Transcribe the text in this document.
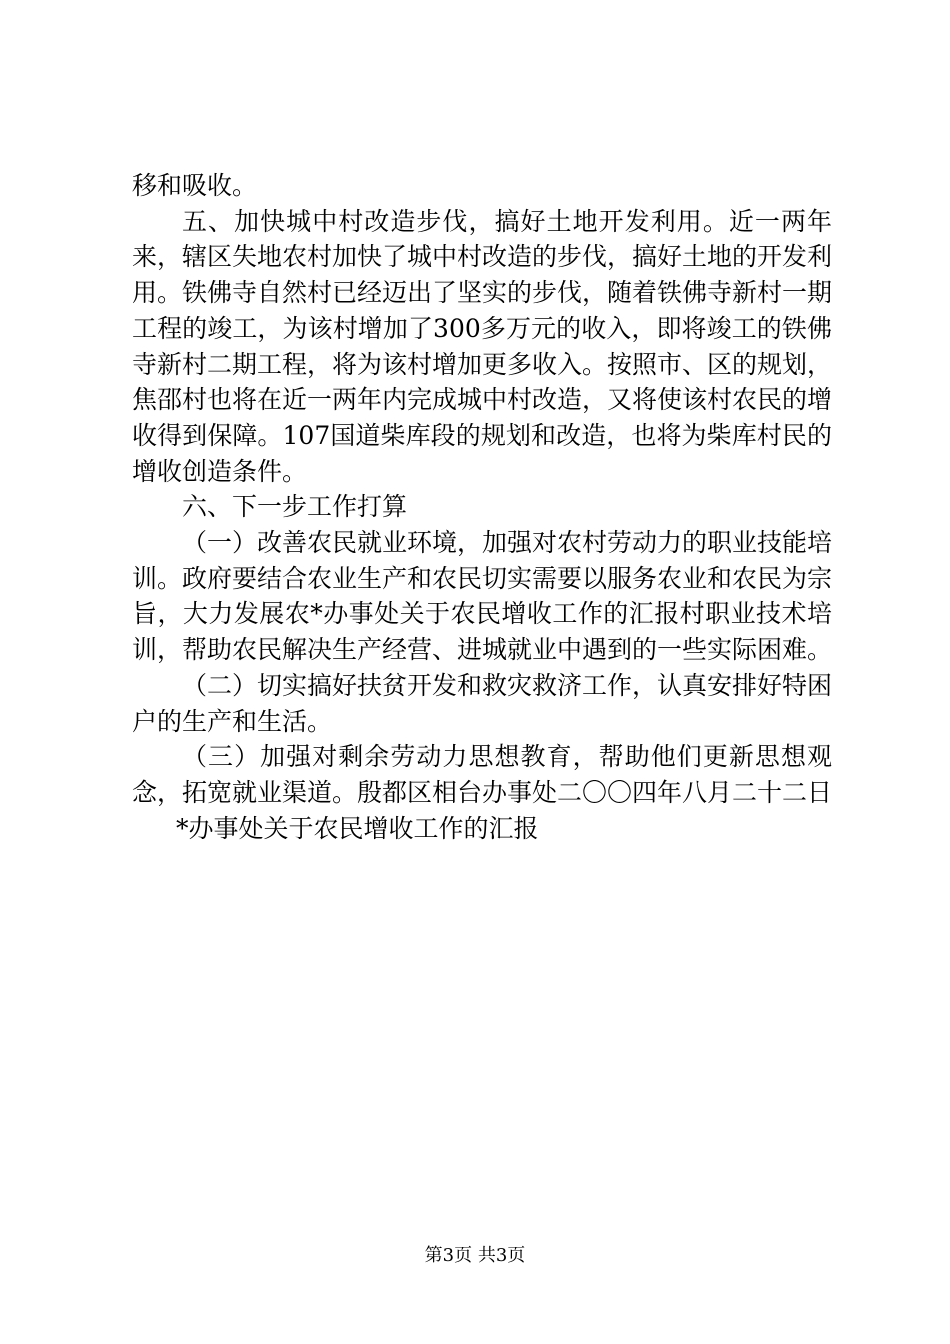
移和吸收。

五、加快城中村改造步伐，搞好土地开发利用。近一两年来，辖区失地农村加快了城中村改造的步伐，搞好土地的开发利用。铁佛寺自然村已经迈出了坚实的步伐，随着铁佛寺新村一期工程的竣工，为该村增加了300多万元的收入，即将竣工的铁佛寺新村二期工程，将为该村增加更多收入。按照市、区的规划，焦邵村也将在近一两年内完成城中村改造，又将使该村农民的增收得到保障。107国道柴库段的规划和改造，也将为柴库村民的增收创造条件。

六、下一步工作打算

（一）改善农民就业环境，加强对农村劳动力的职业技能培训。政府要结合农业生产和农民切实需要以服务农业和农民为宗旨，大力发展农*办事处关于农民增收工作的汇报村职业技术培训，帮助农民解决生产经营、进城就业中遇到的一些实际困难。

（二）切实搞好扶贫开发和救灾救济工作，认真安排好特困户的生产和生活。

（三）加强对剩余劳动力思想教育，帮助他们更新思想观念，拓宽就业渠道。殷都区相台办事处二〇〇四年八月二十二日

*办事处关于农民增收工作的汇报

第3页 共3页
